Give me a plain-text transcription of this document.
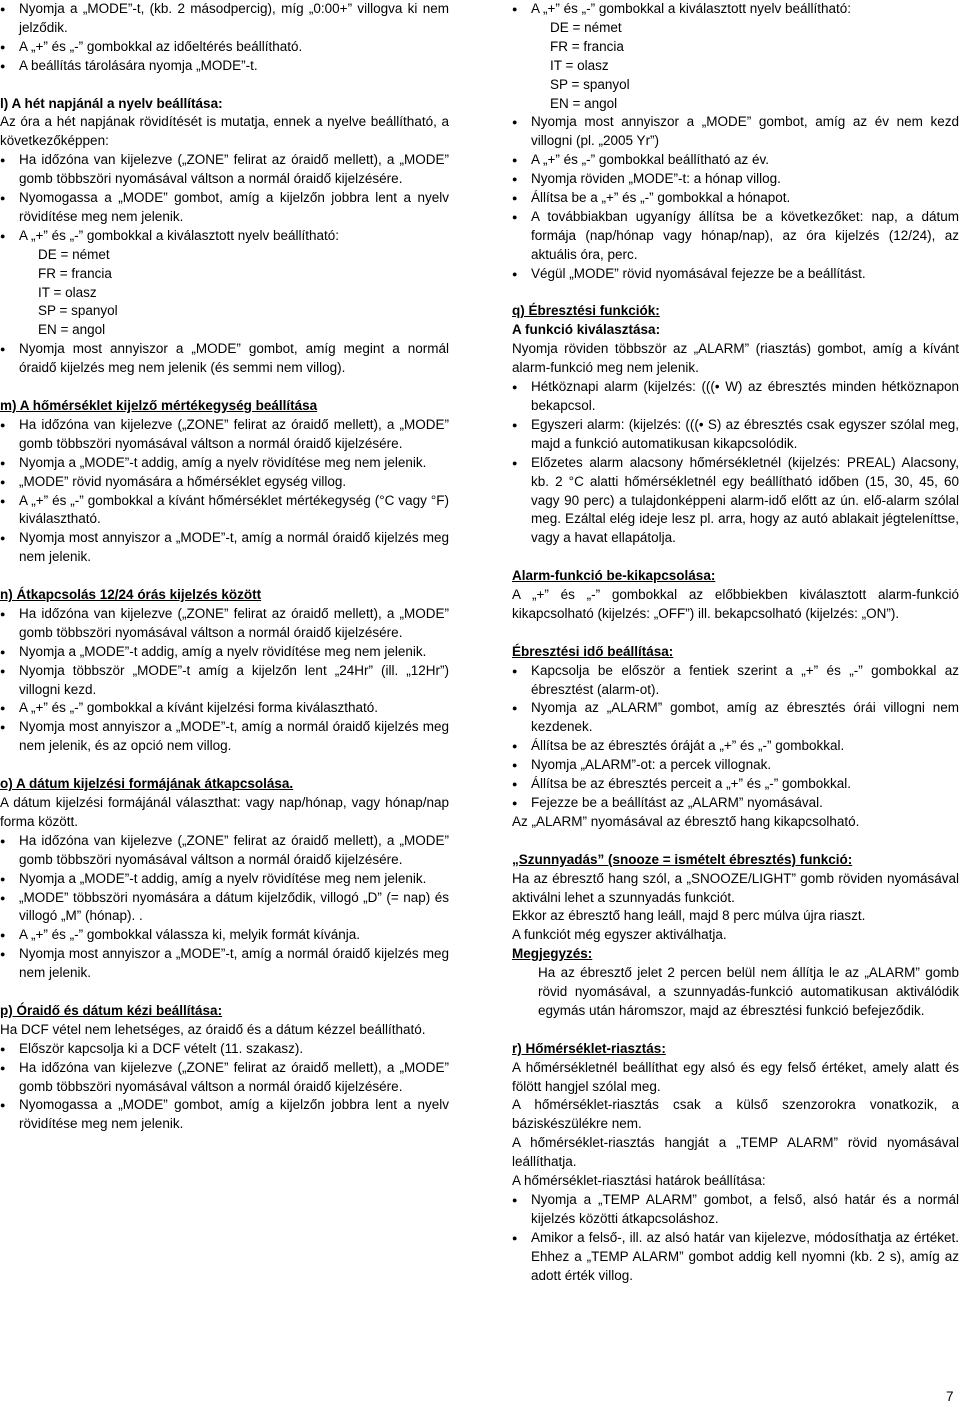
● Nyomja a „MODE”-t, (kb. 2 másodpercig), míg „0:00+” villogva ki nem jelződik.
● A „+” és „-” gombokkal az időeltérés beállítható.
● A beállítás tárolására nyomja „MODE”-t.

l) A hét napjánál a nyelv beállítása:

Az óra a hét napjának rövidítését is mutatja, ennek a nyelve beállítható, a következőképpen:

● Ha időzóna van kijelezve („ZONE” felirat az óraidő mellett), a „MODE” gomb többszöri nyomásával váltson a normál óraidő kijelzésére.
● Nyomogassa a „MODE” gombot, amíg a kijelzőn jobbra lent a nyelv rövidítése meg nem jelenik.
● A „+” és „-” gombokkal a kiválasztott nyelv beállítható:
DE = német
FR = francia
IT = olasz
SP = spanyol
EN = angol
● Nyomja most annyiszor a „MODE” gombot, amíg megint a normál óraidő kijelzés meg nem jelenik (és semmi nem villog).

m) A hőmérséklet kijelző mértékegység beállítása

● Ha időzóna van kijelezve („ZONE” felirat az óraidő mellett), a „MODE” gomb többszöri nyomásával váltson a normál óraidő kijelzésére.
● Nyomja a „MODE”-t addig, amíg a nyelv rövidítése meg nem jelenik.
● „MODE” rövid nyomására a hőmérséklet egység villog.
● A „+” és „-” gombokkal a kívánt hőmérséklet mértékegység (°C vagy °F) kiválasztható.
● Nyomja most annyiszor a „MODE”-t, amíg a normál óraidő kijelzés meg nem jelenik.

n) Átkapcsolás 12/24 órás kijelzés között

● Ha időzóna van kijelezve („ZONE” felirat az óraidő mellett), a „MODE” gomb többszöri nyomásával váltson a normál óraidő kijelzésére.
● Nyomja a „MODE”-t addig, amíg a nyelv rövidítése meg nem jelenik.
● Nyomja többször „MODE”-t amíg a kijelzőn lent „24Hr” (ill. „12Hr”) villogni kezd.
● A „+” és „-” gombokkal a kívánt kijelzési forma kiválasztható.
● Nyomja most annyiszor a „MODE”-t, amíg a normál óraidő kijelzés meg nem jelenik, és az opció nem villog.

o) A dátum kijelzési formájának átkapcsolása.

A dátum kijelzési formájánál választhat: vagy nap/hónap, vagy hónap/nap forma között.

● Ha időzóna van kijelezve („ZONE” felirat az óraidő mellett), a „MODE” gomb többszöri nyomásával váltson a normál óraidő kijelzésére.
● Nyomja a „MODE”-t addig, amíg a nyelv rövidítése meg nem jelenik.
● „MODE” többszöri nyomására a dátum kijelződik, villogó „D” (= nap) és villogó „M” (hónap). .
● A „+” és „-” gombokkal válassza ki, melyik formát kívánja.
● Nyomja most annyiszor a „MODE”-t, amíg a normál óraidő kijelzés meg nem jelenik.

p) Óraidő és dátum kézi beállítása:

Ha DCF vétel nem lehetséges, az óraidő és a dátum kézzel beállítható.

● Először kapcsolja ki a DCF vételt (11. szakasz).
● Ha időzóna van kijelezve („ZONE” felirat az óraidő mellett), a „MODE” gomb többszöri nyomásával váltson a normál óraidő kijelzésére.
● Nyomogassa a „MODE” gombot, amíg a kijelzőn jobbra lent a nyelv rövidítése meg nem jelenik.
● A „+” és „-” gombokkal a kiválasztott nyelv beállítható:
DE = német
FR = francia
IT = olasz
SP = spanyol
EN = angol
● Nyomja most annyiszor a „MODE” gombot, amíg az év nem kezd villogni (pl. „2005 Yr”)
● A „+” és „-” gombokkal beállítható az év.
● Nyomja röviden „MODE”-t: a hónap villog.
● Állítsa be a „+” és „-” gombokkal a hónapot.
● A továbbiakban ugyanígy állítsa be a következőket: nap, a dátum formája (nap/hónap vagy hónap/nap), az óra kijelzés (12/24), az aktuális óra, perc.
● Végül „MODE” rövid nyomásával fejezze be a beállítást.

q) Ébresztési funkciók:

A funkció kiválasztása:

Nyomja röviden többször az „ALARM” (riasztás) gombot, amíg a kívánt alarm-funkció meg nem jelenik.

● Hétköznapi alarm (kijelzés: (((• W) az ébresztés minden hétköznapon bekapcsol.
● Egyszeri alarm: (kijelzés: (((• S) az ébresztés csak egyszer szólal meg, majd a funkció automatikusan kikapcsolódik.
● Előzetes alarm alacsony hőmérsékletnél (kijelzés: PREAL) Alacsony, kb. 2 °C alatti hőmérsékletnél egy beállítható időben (15, 30, 45, 60 vagy 90 perc) a tulajdonképpeni alarm-idő előtt az ún. elő-alarm szólal meg. Ezáltal elég ideje lesz pl. arra, hogy az autó ablakait jégteleníttse, vagy a havat ellapátolja.

Alarm-funkció be-kikapcsolása:

A „+” és „-” gombokkal az előbbiekben kiválasztott alarm-funkció kikapcsolható (kijelzés: „OFF”) ill. bekapcsolható (kijelzés: „ON”).

Ébresztési idő beállítása:

● Kapcsolja be először a fentiek szerint a „+” és „-” gombokkal az ébresztést (alarm-ot).
● Nyomja az „ALARM” gombot, amíg az ébresztés órái villogni nem kezdenek.
● Állítsa be az ébresztés óráját a „+” és „-” gombokkal.
● Nyomja „ALARM”-ot: a percek villognak.
● Állítsa be az ébresztés perceit a „+” és „-” gombokkal.
● Fejezze be a beállítást az „ALARM” nyomásával.

Az „ALARM” nyomásával az ébresztő hang kikapcsolható.

„Szunnyadás” (snooze = ismételt ébresztés) funkció:

Ha az ébresztő hang szól, a „SNOOZE/LIGHT” gomb röviden nyomásával aktiválni lehet a szunnyadás funkciót.

Ekkor az ébresztő hang leáll, majd 8 perc múlva újra riaszt.

A funkciót még egyszer aktiválhatja.

Megjegyzés:

Ha az ébresztő jelet 2 percen belül nem állítja le az „ALARM” gomb rövid nyomásával, a szunnyadás-funkció automatikusan aktiválódik egymás után háromszor, majd az ébresztési funkció befejeződik.

r) Hőmérséklet-riasztás:

A hőmérsékletnél beállíthat egy alsó és egy felső értéket, amely alatt és fölött hangjel szólal meg.

A hőmérséklet-riasztás csak a külső szenzorokra vonatkozik, a báziskészülékre nem.

A hőmérséklet-riasztás hangját a „TEMP ALARM” rövid nyomásával leállíthatja.

A hőmérséklet-riasztási határok beállítása:

● Nyomja a „TEMP ALARM” gombot, a felső, alsó határ és a normál kijelzés közötti átkapcsoláshoz.
● Amikor a felső-, ill. az alsó határ van kijelezve, módosíthatja az értéket. Ehhez a „TEMP ALARM” gombot addig kell nyomni (kb. 2 s), amíg az adott érték villog.
7
